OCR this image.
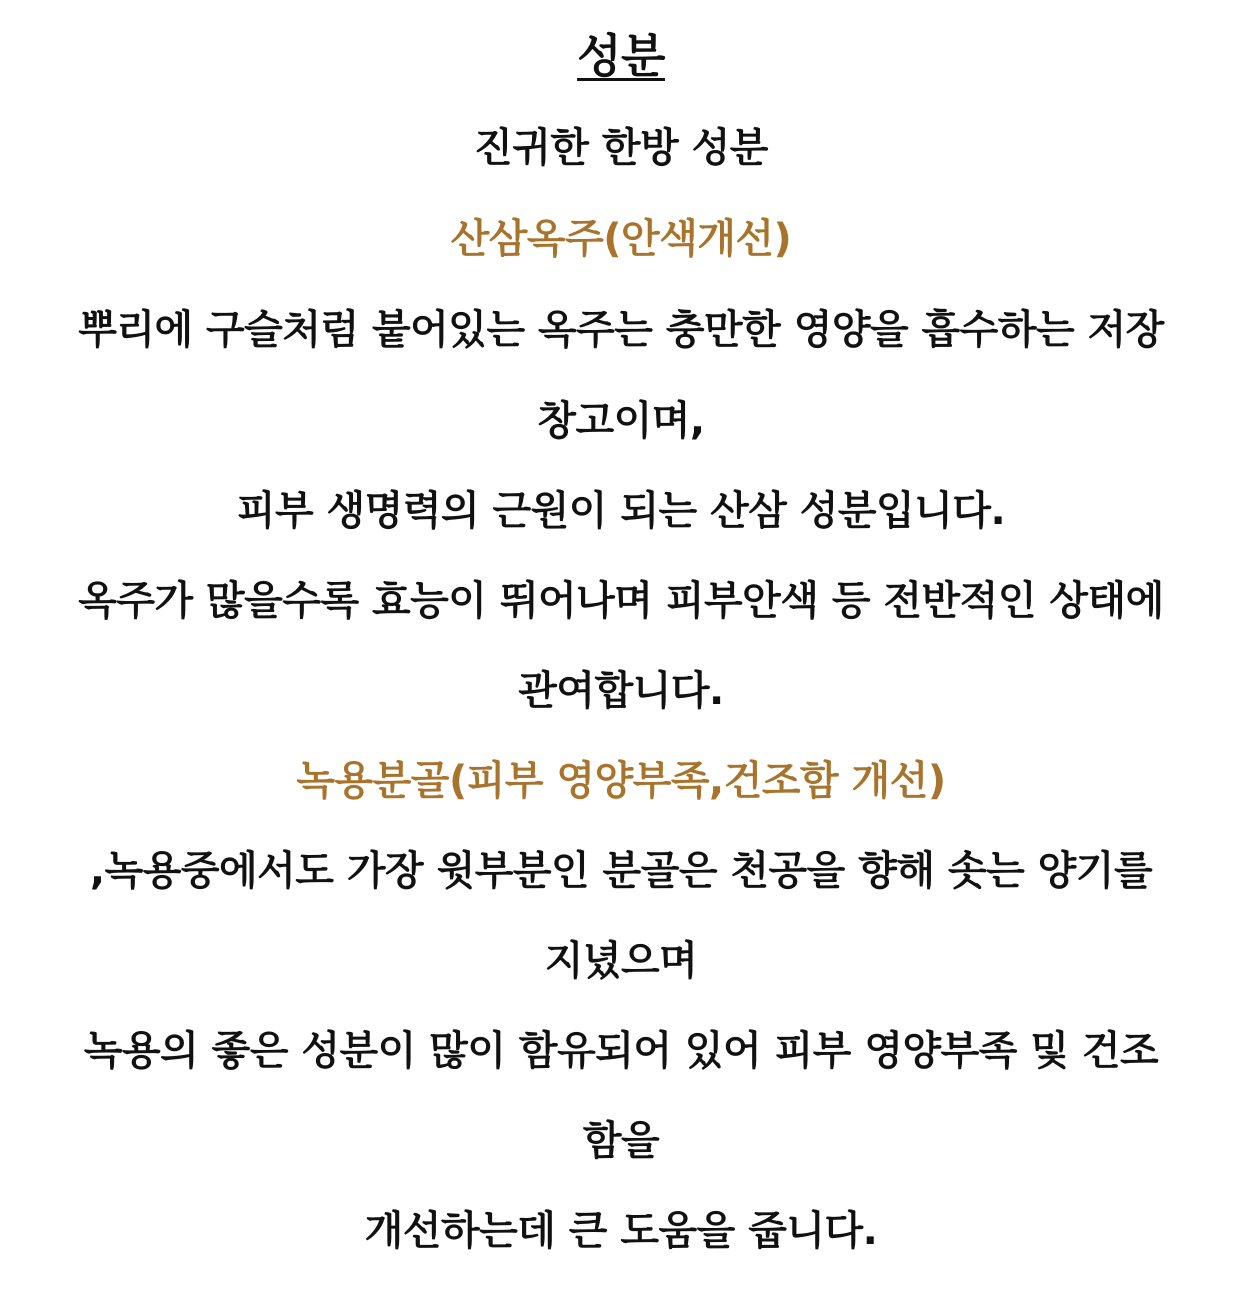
성분
진귀한 한방 성분
산삼옥주(안색개선)
뿌리에 구슬처럼 붙어있는 옥주는 충만한 영양을 흡수하는 저장
창고이며,
피부 생명력의 근원이 되는 산삼 성분입니다.
옥주가 많을수록 효능이 뛰어나며 피부안색 등 전반적인 상태에
관여합니다.
녹용분골(피부 영양부족,건조함 개선)
,녹용중에서도 가장 윗부분인 분골은 천공을 향해 솟는 양기를
지녔으며
녹용의 좋은 성분이 많이 함유되어 있어 피부 영양부족 및 건조
함을
개선하는데 큰 도움을 줍니다.
